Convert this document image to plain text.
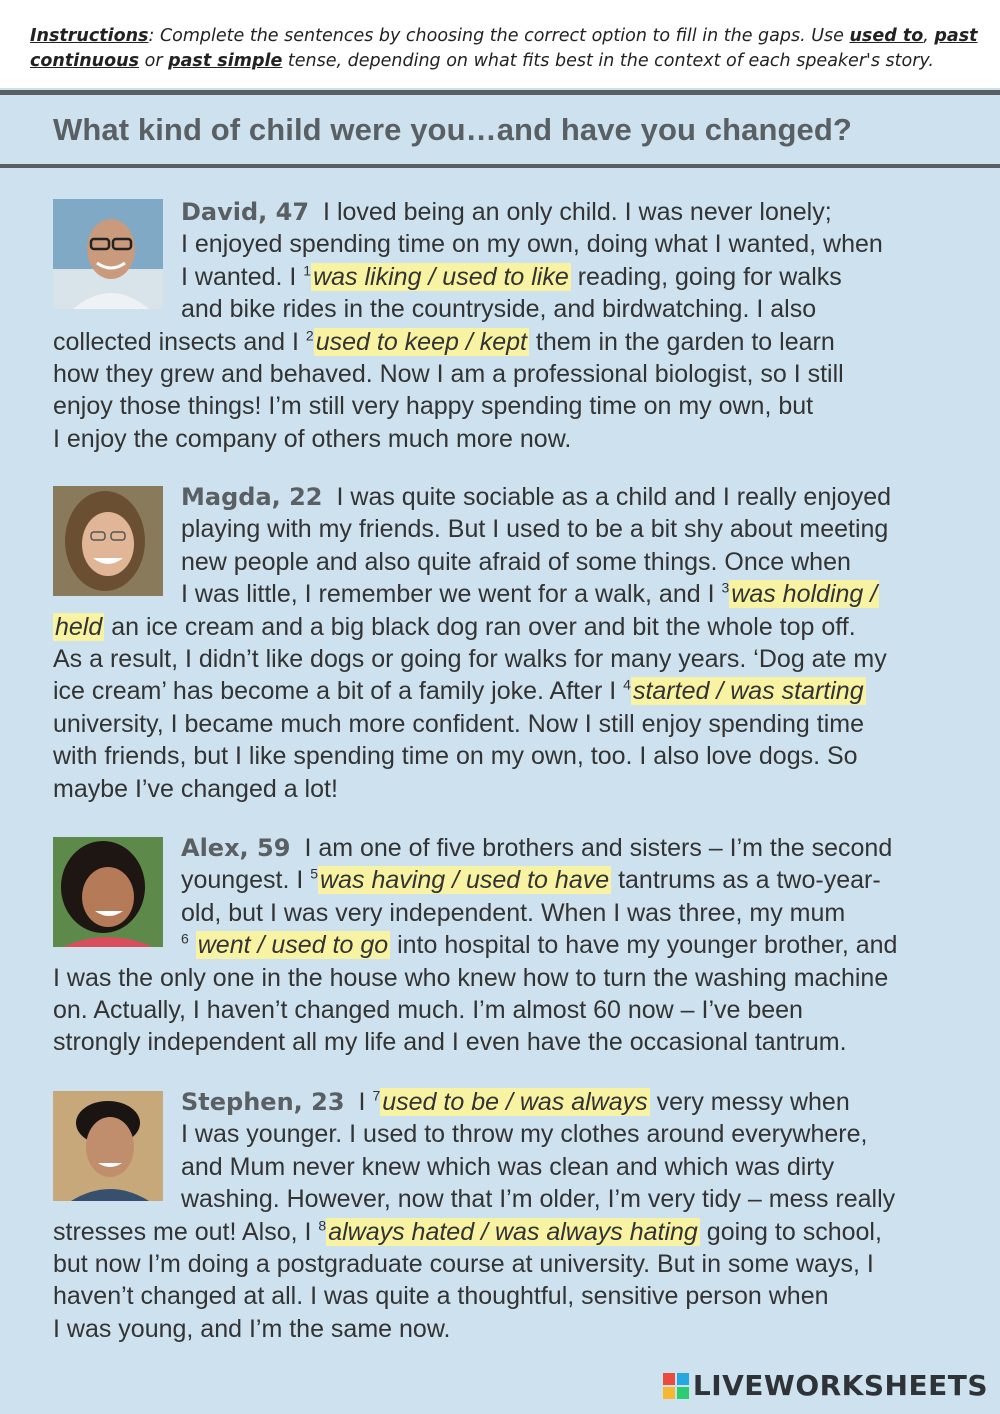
Instructions: Complete the sentences by choosing the correct option to fill in the gaps. Use used to, past continuous or past simple tense, depending on what fits best in the context of each speaker's story.
What kind of child were you…and have you changed?
David, 47 I loved being an only child. I was never lonely;
I enjoyed spending time on my own, doing what I wanted, when
I wanted. I $^1$was liking / used to like reading, going for walks
and bike rides in the countryside, and birdwatching. I also
collected insects and I $^2$used to keep / kept them in the garden to learn
how they grew and behaved. Now I am a professional biologist, so I still
enjoy those things! I’m still very happy spending time on my own, but
I enjoy the company of others much more now.
Magda, 22 I was quite sociable as a child and I really enjoyed
playing with my friends. But I used to be a bit shy about meeting
new people and also quite afraid of some things. Once when
I was little, I remember we went for a walk, and I $^3$was holding /
held an ice cream and a big black dog ran over and bit the whole top off.
As a result, I didn’t like dogs or going for walks for many years. ‘Dog ate my
ice cream’ has become a bit of a family joke. After I $^4$started / was starting
university, I became much more confident. Now I still enjoy spending time
with friends, but I like spending time on my own, too. I also love dogs. So
maybe I’ve changed a lot!
Alex, 59 I am one of five brothers and sisters – I’m the second
youngest. I $^5$was having / used to have tantrums as a two-year-
old, but I was very independent. When I was three, my mum
$^6$ went / used to go into hospital to have my younger brother, and
I was the only one in the house who knew how to turn the washing machine
on. Actually, I haven’t changed much. I’m almost 60 now – I’ve been
strongly independent all my life and I even have the occasional tantrum.
Stephen, 23 I $^7$used to be / was always very messy when
I was younger. I used to throw my clothes around everywhere,
and Mum never knew which was clean and which was dirty
washing. However, now that I’m older, I’m very tidy – mess really
stresses me out! Also, I $^8$always hated / was always hating going to school,
but now I’m doing a postgraduate course at university. But in some ways, I
haven’t changed at all. I was quite a thoughtful, sensitive person when
I was young, and I’m the same now.
LIVEWORKSHEETS
